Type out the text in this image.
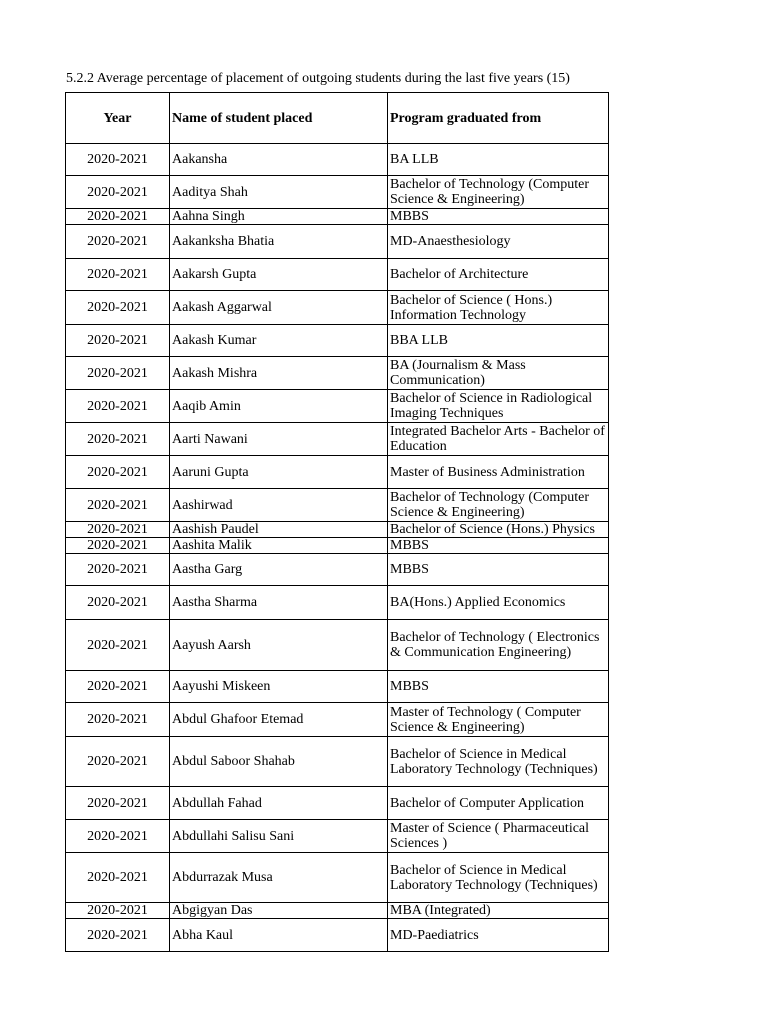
5.2.2 Average percentage of placement of outgoing students during the last five years (15)
Year	Name of student placed	Program graduated from
2020-2021	Aakansha	BA LLB
2020-2021	Aaditya Shah	Bachelor of Technology (Computer Science & Engineering)
2020-2021	Aahna Singh	MBBS
2020-2021	Aakanksha Bhatia	MD-Anaesthesiology
2020-2021	Aakarsh Gupta	Bachelor of Architecture
2020-2021	Aakash Aggarwal	Bachelor of Science ( Hons.) Information Technology
2020-2021	Aakash Kumar	BBA LLB
2020-2021	Aakash Mishra	BA (Journalism & Mass Communication)
2020-2021	Aaqib Amin	Bachelor of Science in Radiological Imaging Techniques
2020-2021	Aarti Nawani	Integrated Bachelor Arts - Bachelor of Education
2020-2021	Aaruni Gupta	Master of Business Administration
2020-2021	Aashirwad	Bachelor of Technology (Computer Science & Engineering)
2020-2021	Aashish Paudel	Bachelor of Science (Hons.) Physics
2020-2021	Aashita Malik	MBBS
2020-2021	Aastha Garg	MBBS
2020-2021	Aastha Sharma	BA(Hons.) Applied Economics
2020-2021	Aayush Aarsh	Bachelor of Technology ( Electronics & Communication Engineering)
2020-2021	Aayushi Miskeen	MBBS
2020-2021	Abdul Ghafoor Etemad	Master of Technology ( Computer Science & Engineering)
2020-2021	Abdul Saboor Shahab	Bachelor of Science in Medical Laboratory Technology (Techniques)
2020-2021	Abdullah Fahad	Bachelor of Computer Application
2020-2021	Abdullahi Salisu Sani	Master of Science ( Pharmaceutical Sciences )
2020-2021	Abdurrazak Musa	Bachelor of Science in Medical Laboratory Technology (Techniques)
2020-2021	Abgigyan Das	MBA (Integrated)
2020-2021	Abha Kaul	MD-Paediatrics
